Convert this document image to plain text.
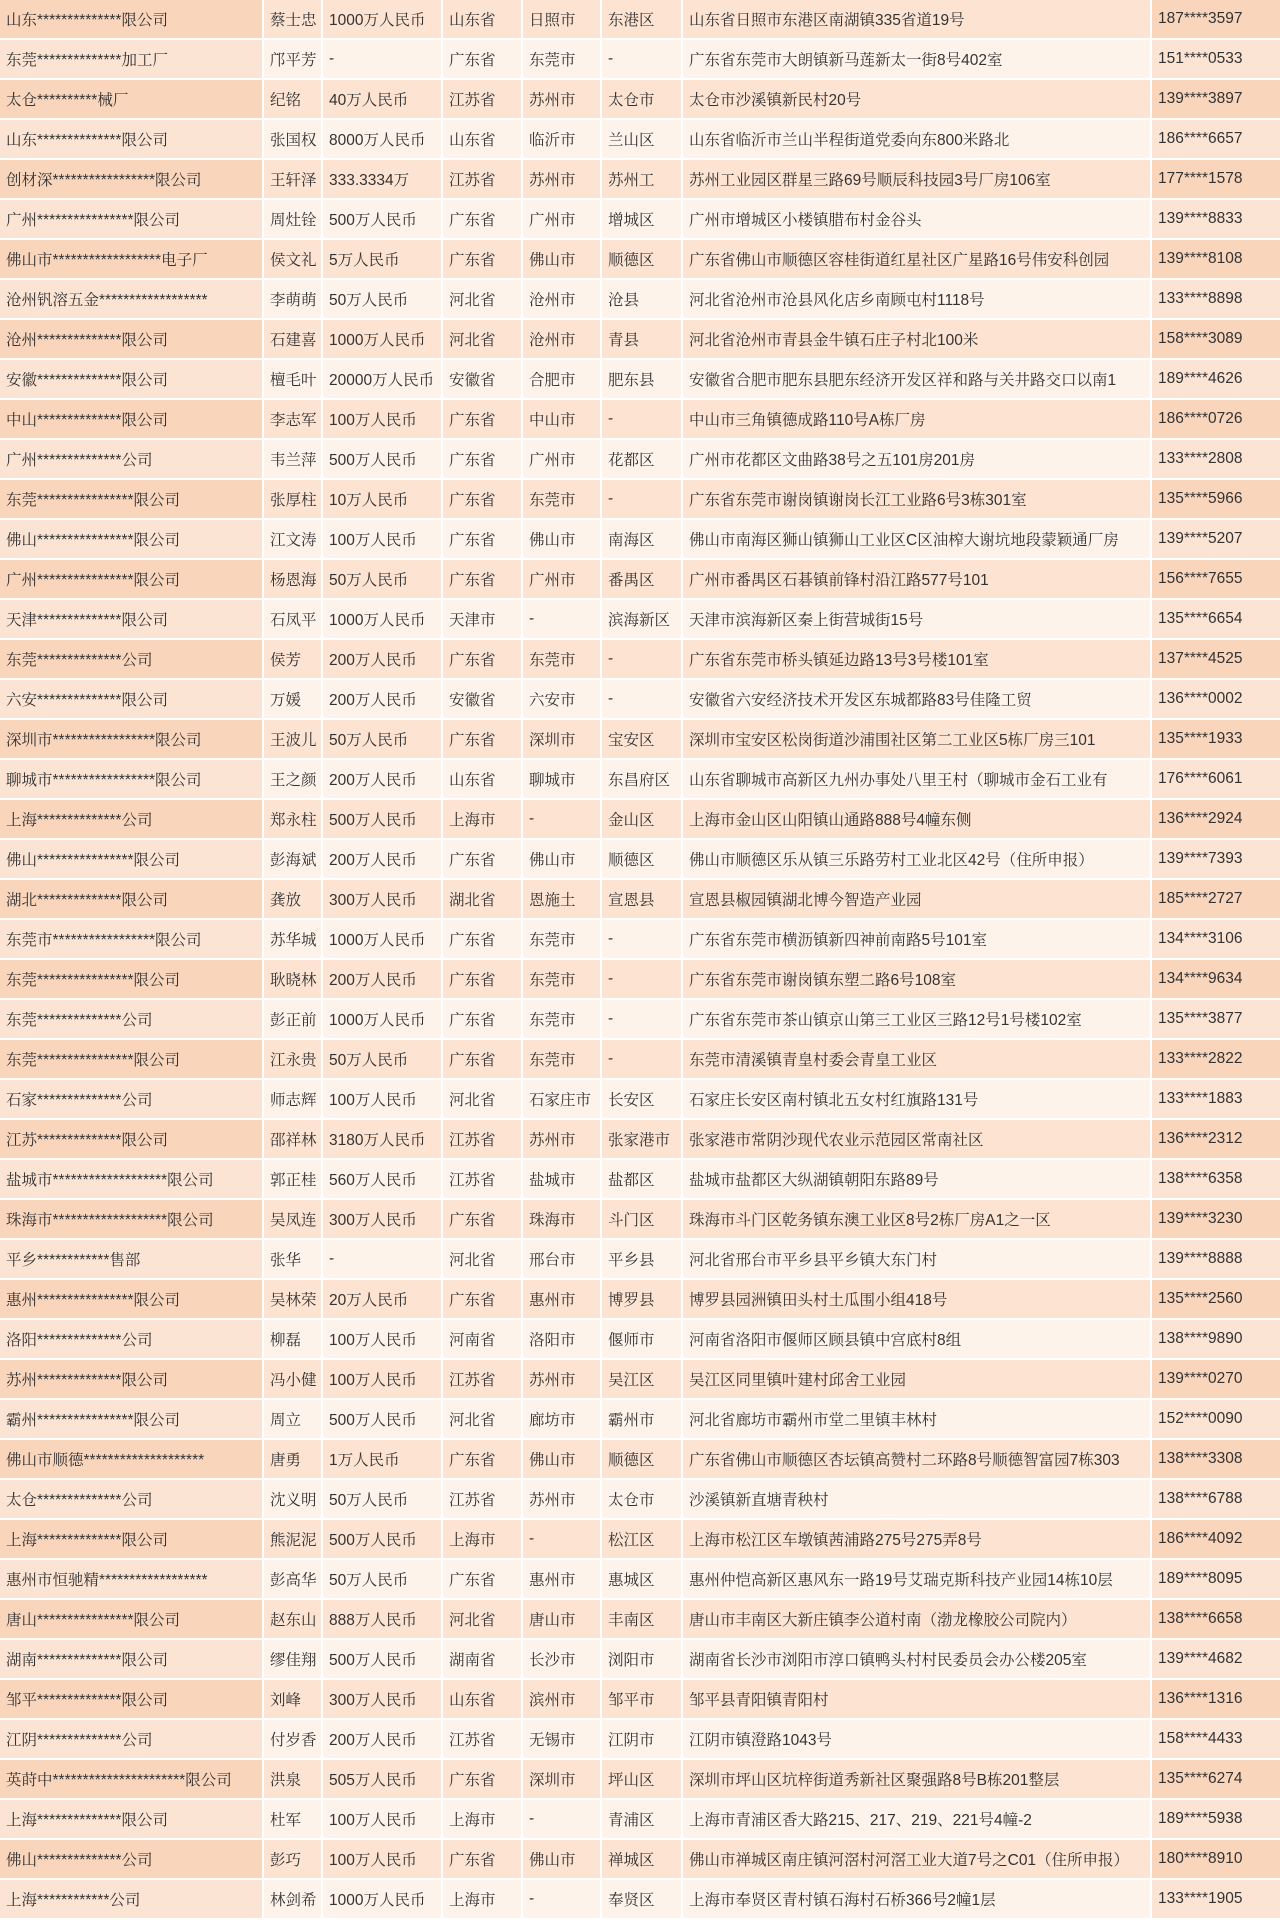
山东**************限公司	蔡士忠 1000万人民币	山东省	日照市	东港区	山东省日照市东港区南湖镇335省道19号	187****3597
东莞**************加工厂	邝平芳 -	广东省	东莞市	-	广东省东莞市大朗镇新马莲新太一街8号402室	151****0533
太仓**********械厂	纪铭	40万人民币	江苏省	苏州市	太仓市	太仓市沙溪镇新民村20号	139****3897
山东**************限公司	张国权 8000万人民币	山东省	临沂市	兰山区	山东省临沂市兰山半程街道党委向东800米路北	186****6657
创材深*****************限公司	王轩泽 333.3334万	江苏省	苏州市	苏州工	苏州工业园区群星三路69号顺辰科技园3号厂房106室	177****1578
广州****************限公司	周灶铨 500万人民币	广东省	广州市	增城区	广州市增城区小楼镇腊布村金谷头	139****8833
佛山市******************电子厂	侯文礼 5万人民币	广东省	佛山市	顺德区	广东省佛山市顺德区容桂街道红星社区广星路16号伟安科创园	139****8108
沧州钒溶五金******************	李萌萌 50万人民币	河北省	沧州市	沧县	河北省沧州市沧县风化店乡南顾屯村1118号	133****8898
沧州**************限公司	石建喜 1000万人民币	河北省	沧州市	青县	河北省沧州市青县金牛镇石庄子村北100米	158****3089
安徽**************限公司	檀毛叶 20000万人民币 安徽省	合肥市	肥东县	安徽省合肥市肥东县肥东经济开发区祥和路与关井路交口以南1	189****4626
中山**************限公司	李志军 100万人民币	广东省	中山市	-	中山市三角镇德成路110号A栋厂房	186****0726
广州**************公司	韦兰萍 500万人民币	广东省	广州市	花都区	广州市花都区文曲路38号之五101房201房	133****2808
东莞****************限公司	张厚柱 10万人民币	广东省	东莞市	-	广东省东莞市谢岗镇谢岗长江工业路6号3栋301室	135****5966
佛山****************限公司	江文涛 100万人民币	广东省	佛山市	南海区	佛山市南海区狮山镇狮山工业区C区油榨大谢坑地段蒙颖通厂房	139****5207
广州****************限公司	杨恩海 50万人民币	广东省	广州市	番禺区	广州市番禺区石碁镇前锋村沿江路577号101	156****7655
天津**************限公司	石凤平 1000万人民币	天津市	-	滨海新区	天津市滨海新区秦上街营城街15号	135****6654
东莞**************公司	侯芳	200万人民币	广东省	东莞市	-	广东省东莞市桥头镇延边路13号3号楼101室	137****4525
六安**************限公司	万媛	200万人民币	安徽省	六安市	-	安徽省六安经济技术开发区东城都路83号佳隆工贸	136****0002
深圳市*****************限公司	王波儿 50万人民币	广东省	深圳市	宝安区	深圳市宝安区松岗街道沙浦围社区第二工业区5栋厂房三101	135****1933
聊城市*****************限公司	王之颜 200万人民币	山东省	聊城市	东昌府区	山东省聊城市高新区九州办事处八里王村（聊城市金石工业有	176****6061
上海**************公司	郑永柱 500万人民币	上海市	-	金山区	上海市金山区山阳镇山通路888号4幢东侧	136****2924
佛山****************限公司	彭海斌 200万人民币	广东省	佛山市	顺德区	佛山市顺德区乐从镇三乐路劳村工业北区42号（住所申报）	139****7393
湖北**************限公司	龚放	300万人民币	湖北省	恩施土	宣恩县	宣恩县椒园镇湖北博今智造产业园	185****2727
东莞市*****************限公司	苏华城 1000万人民币	广东省	东莞市	-	广东省东莞市横沥镇新四神前南路5号101室	134****3106
东莞****************限公司	耿晓林 200万人民币	广东省	东莞市	-	广东省东莞市谢岗镇东塑二路6号108室	134****9634
东莞**************公司	彭正前 1000万人民币	广东省	东莞市	-	广东省东莞市茶山镇京山第三工业区三路12号1号楼102室	135****3877
东莞****************限公司	江永贵 50万人民币	广东省	东莞市	-	东莞市清溪镇青皇村委会青皇工业区	133****2822
石家**************公司	师志辉 100万人民币	河北省	石家庄市	长安区	石家庄长安区南村镇北五女村红旗路131号	133****1883
江苏**************限公司	邵祥林 3180万人民币	江苏省	苏州市	张家港市	张家港市常阴沙现代农业示范园区常南社区	136****2312
盐城市*******************限公司	郭正桂 560万人民币	江苏省	盐城市	盐都区	盐城市盐都区大纵湖镇朝阳东路89号	138****6358
珠海市*******************限公司	吴凤连 300万人民币	广东省	珠海市	斗门区	珠海市斗门区乾务镇东澳工业区8号2栋厂房A1之一区	139****3230
平乡************售部	张华	-	河北省	邢台市	平乡县	河北省邢台市平乡县平乡镇大东门村	139****8888
惠州****************限公司	吴林荣 20万人民币	广东省	惠州市	博罗县	博罗县园洲镇田头村土瓜围小组418号	135****2560
洛阳**************公司	柳磊	100万人民币	河南省	洛阳市	偃师市	河南省洛阳市偃师区顾县镇中宫底村8组	138****9890
苏州**************限公司	冯小健 100万人民币	江苏省	苏州市	吴江区	吴江区同里镇叶建村邱舍工业园	139****0270
霸州****************限公司	周立	500万人民币	河北省	廊坊市	霸州市	河北省廊坊市霸州市堂二里镇丰林村	152****0090
佛山市顺德********************	唐勇	1万人民币	广东省	佛山市	顺德区	广东省佛山市顺德区杏坛镇高赞村二环路8号顺德智富园7栋303	138****3308
太仓**************公司	沈义明 50万人民币	江苏省	苏州市	太仓市	沙溪镇新直塘青秧村	138****6788
上海**************限公司	熊泥泥 500万人民币	上海市	-	松江区	上海市松江区车墩镇茜浦路275号275弄8号	186****4092
惠州市恒驰精******************	彭高华 50万人民币	广东省	惠州市	惠城区	惠州仲恺高新区惠风东一路19号艾瑞克斯科技产业园14栋10层	189****8095
唐山****************限公司	赵东山 888万人民币	河北省	唐山市	丰南区	唐山市丰南区大新庄镇李公道村南（渤龙橡胶公司院内）	138****6658
湖南**************限公司	缪佳翔 500万人民币	湖南省	长沙市	浏阳市	湖南省长沙市浏阳市淳口镇鸭头村村民委员会办公楼205室	139****4682
邹平**************限公司	刘峰	300万人民币	山东省	滨州市	邹平市	邹平县青阳镇青阳村	136****1316
江阴**************公司	付岁香 200万人民币	江苏省	无锡市	江阴市	江阴市镇澄路1043号	158****4433
英莳中**********************限公司	洪泉	505万人民币	广东省	深圳市	坪山区	深圳市坪山区坑梓街道秀新社区聚强路8号B栋201整层	135****6274
上海**************限公司	杜军	100万人民币	上海市	-	青浦区	上海市青浦区香大路215、217、219、221号4幢-2	189****5938
佛山**************公司	彭巧	100万人民币	广东省	佛山市	禅城区	佛山市禅城区南庄镇河滘村河滘工业大道7号之C01（住所申报）	180****8910
上海************公司	林剑希 1000万人民币	上海市	-	奉贤区	上海市奉贤区青村镇石海村石桥366号2幢1层	133****1905
